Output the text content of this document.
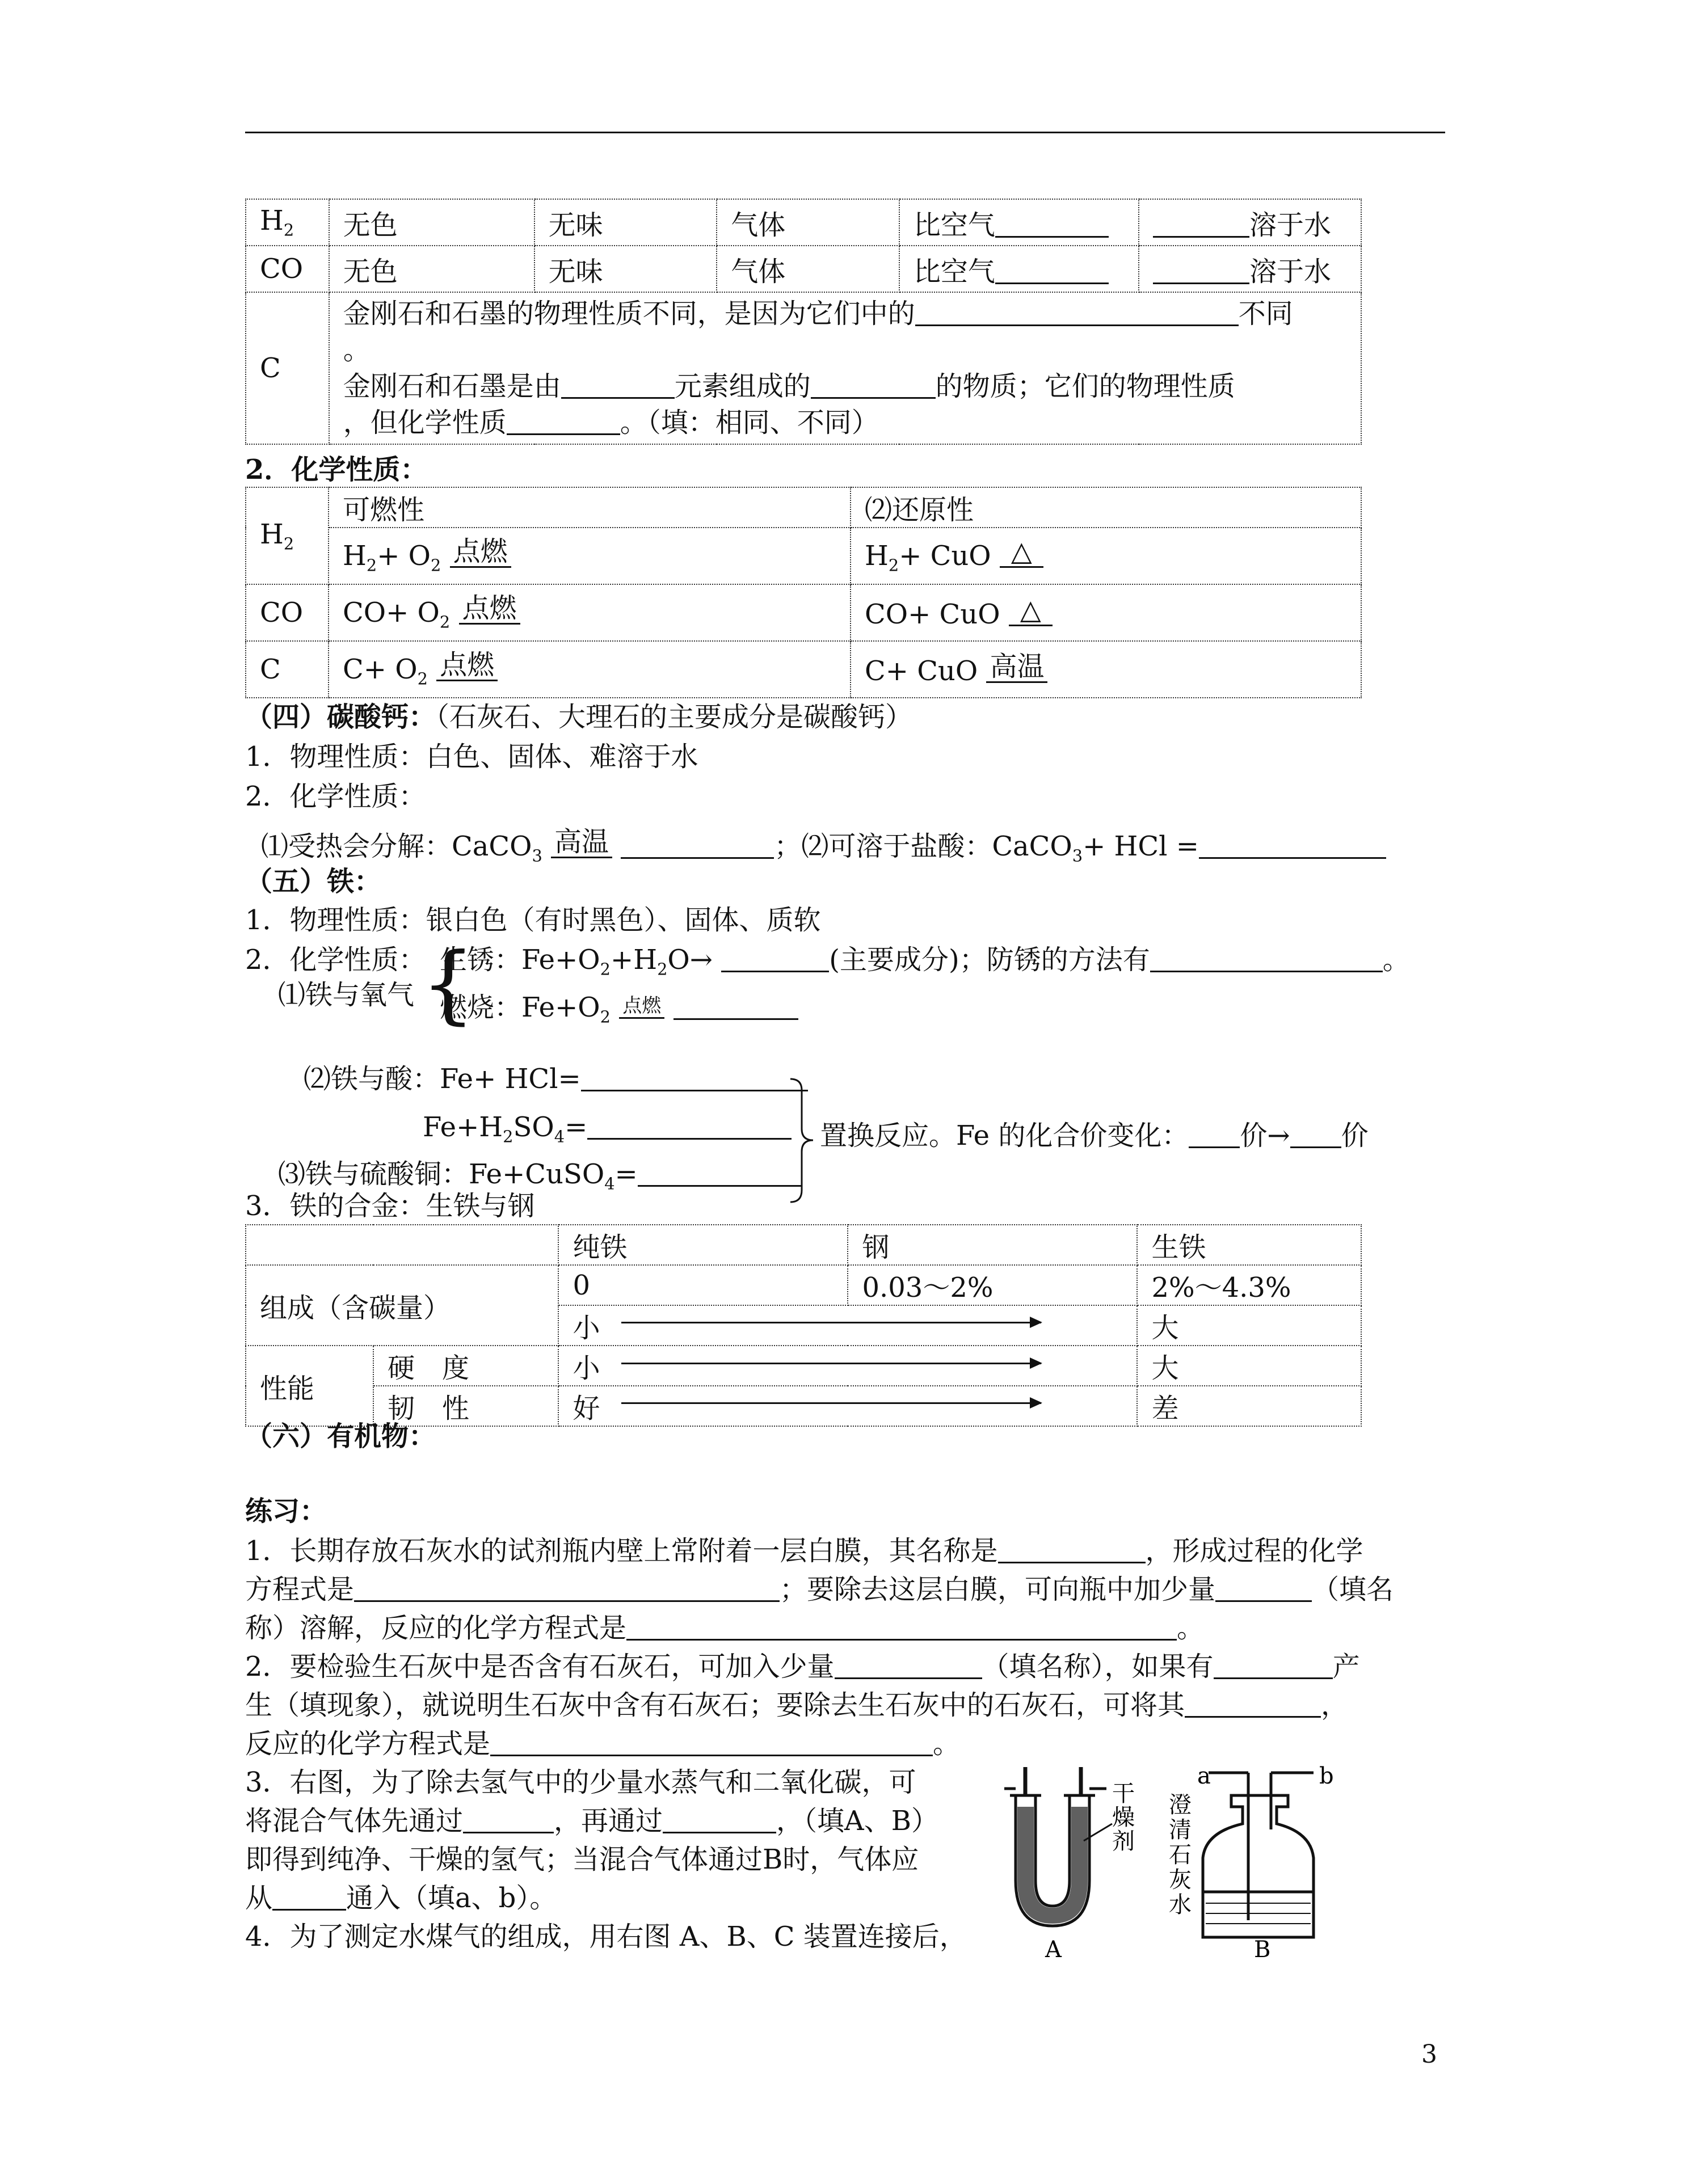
$H_2$	无色	无味	气体	比空气	溶于水
CO	无色	无味	气体	比空气	溶于水
C	金刚石和石墨的物理性质不同，是因为它们中的 不同
。
金刚石和石墨是由 元素组成的 的物质；它们的物理性质
，但化学性质 。（填：相同、不同）				
2．化学性质：
$H_2$	可燃性	⑵还原性
	$H_2+ O_2$ 点燃	$H_2+$ CuO △
CO	$CO+ O_2$ 点燃	CO+ CuO △
C	$C+ O_2$ 点燃	C+ CuO 高温
（四）碳酸钙：（石灰石、大理石的主要成分是碳酸钙）
1．物理性质：白色、固体、难溶于水
2．化学性质：
⑴受热会分解：CaCO$_3$ 高温	；⑵可溶于盐酸：CaCO$_3$+ HCl =
（五）铁：
1．物理性质：银白色（有时黑色）、固体、质软
2．化学性质：
⑴铁与氧气 {
生锈：$Fe+O_2+H_2O\to$	(主要成分)；防锈的方法有	。
燃烧：$Fe+O_2$ 点燃
⑵铁与酸：Fe+ HCl=
$Fe+H_2SO_4=$
⑶铁与硫酸铜：Fe+CuSO$_4$=
置换反应。Fe 的化合价变化： 价→ 价
3．铁的合金：生铁与钢
		纯铁	钢	生铁
组成（含碳量）		0	0.03～2%	2%～4.3%
		小		大
性能	硬　度	小		大
	韧　性	好		差
（六）有机物：
练习：
1．长期存放石灰水的试剂瓶内壁上常附着一层白膜，其名称是	，形成过程的化学
方程式是	；要除去这层白膜，可向瓶中加少量	（填名
称）溶解，反应的化学方程式是	。
2．要检验生石灰中是否含有石灰石，可加入少量	（填名称），如果有	产
生（填现象），就说明生石灰中含有石灰石；要除去生石灰中的石灰石，可将其	，
反应的化学方程式是	。
3．右图，为了除去氢气中的少量水蒸气和二氧化碳，可
将混合气体先通过	，再通过	，（填A、B）
即得到纯净、干燥的氢气；当混合气体通过B时，气体应
从	通入（填a、b）。
4．为了测定水煤气的组成，用右图 A、B、C 装置连接后，
干
燥
剂
A
a	b
澄
清
石
灰
水
B
3
